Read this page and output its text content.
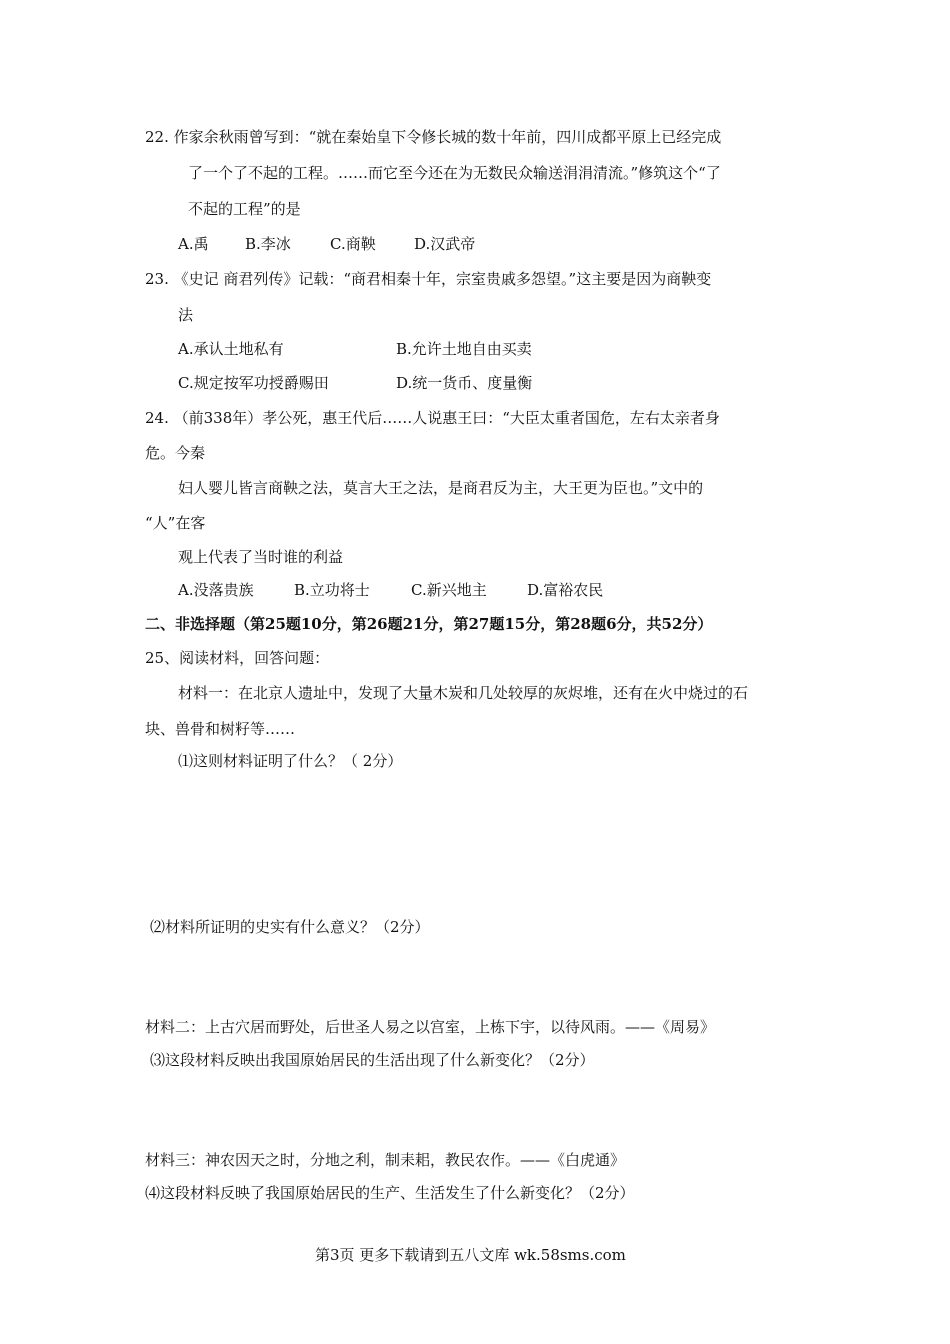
22. 作家余秋雨曾写到：“就在秦始皇下令修长城的数十年前，四川成都平原上已经完成
了一个了不起的工程。……而它至今还在为无数民众输送涓涓清流。”修筑这个“了
不起的工程”的是
A.禹 B.李冰	C.商鞅	D.汉武帝
23. 《史记 商君列传》记载：“商君相秦十年，宗室贵戚多怨望。”这主要是因为商鞅变
法
A.承认土地私有	B.允许土地自由买卖
C.规定按军功授爵赐田	D.统一货币、度量衡
24. （前338年）孝公死，惠王代后……人说惠王曰：“大臣太重者国危，左右太亲者身
危。今秦
妇人婴儿皆言商鞅之法，莫言大王之法，是商君反为主，大王更为臣也。”文中的
“人”在客
观上代表了当时谁的利益
A.没落贵族	B.立功将士	C.新兴地主	D.富裕农民
二、非选择题（第25题10分，第26题21分，第27题15分，第28题6分，共52分）
25、阅读材料，回答问题：
材料一：在北京人遗址中，发现了大量木炭和几处较厚的灰烬堆，还有在火中烧过的石
块、兽骨和树籽等……
⑴这则材料证明了什么？（ 2分）
⑵材料所证明的史实有什么意义？（2分）
材料二：上古穴居而野处，后世圣人易之以宫室，上栋下宇，以待风雨。——《周易》
⑶这段材料反映出我国原始居民的生活出现了什么新变化？（2分）
材料三：神农因天之时，分地之利，制耒耜，教民农作。——《白虎通》
⑷这段材料反映了我国原始居民的生产、生活发生了什么新变化？（2分）
第3页 更多下载请到五八文库 wk.58sms.com
